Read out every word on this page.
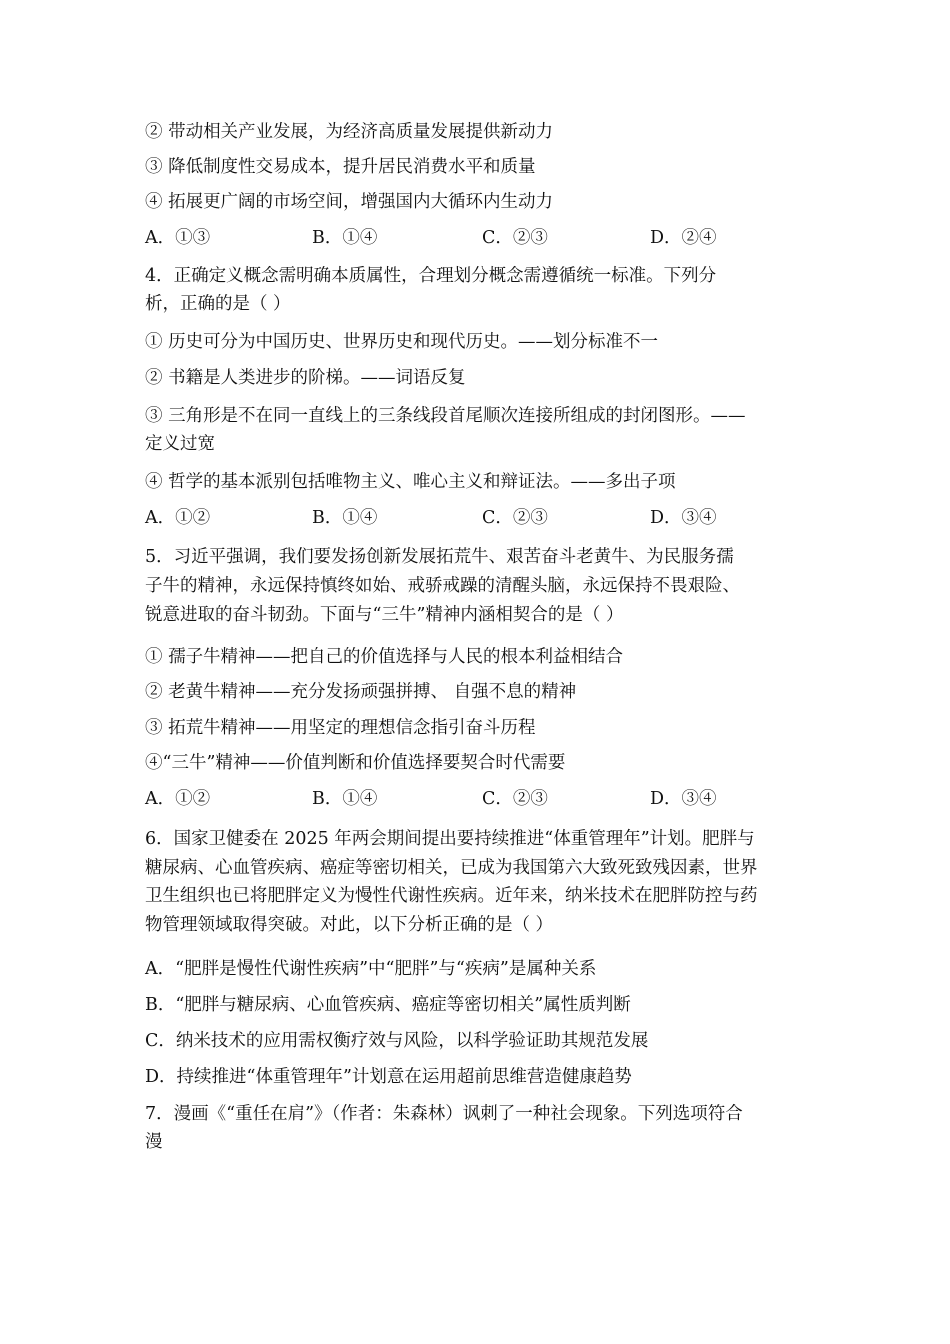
② 带动相关产业发展，为经济高质量发展提供新动力
③ 降低制度性交易成本，提升居民消费水平和质量
④ 拓展更广阔的市场空间，增强国内大循环内生动力
A．①③	B．①④	C．②③	D．②④
4．正确定义概念需明确本质属性，合理划分概念需遵循统一标准。下列分
析，正确的是（ ）
① 历史可分为中国历史、世界历史和现代历史。——划分标准不一
② 书籍是人类进步的阶梯。——词语反复
③ 三角形是不在同一直线上的三条线段首尾顺次连接所组成的封闭图形。——
定义过宽
④ 哲学的基本派别包括唯物主义、唯心主义和辩证法。——多出子项
A．①②	B．①④	C．②③	D．③④
5．习近平强调，我们要发扬创新发展拓荒牛、艰苦奋斗老黄牛、为民服务孺
子牛的精神，永远保持慎终如始、戒骄戒躁的清醒头脑，永远保持不畏艰险、
锐意进取的奋斗韧劲。下面与“三牛”精神内涵相契合的是（ ）
① 孺子牛精神——把自己的价值选择与人民的根本利益相结合
② 老黄牛精神——充分发扬顽强拼搏、 自强不息的精神
③ 拓荒牛精神——用坚定的理想信念指引奋斗历程
④“三牛”精神——价值判断和价值选择要契合时代需要
A．①②	B．①④	C．②③	D．③④
6．国家卫健委在 2025 年两会期间提出要持续推进“体重管理年”计划。肥胖与
糖尿病、心血管疾病、癌症等密切相关，已成为我国第六大致死致残因素，世界
卫生组织也已将肥胖定义为慢性代谢性疾病。近年来，纳米技术在肥胖防控与药
物管理领域取得突破。对此，以下分析正确的是（ ）
A．“肥胖是慢性代谢性疾病”中“肥胖”与“疾病”是属种关系
B．“肥胖与糖尿病、心血管疾病、癌症等密切相关”属性质判断
C．纳米技术的应用需权衡疗效与风险，以科学验证助其规范发展
D．持续推进“体重管理年”计划意在运用超前思维营造健康趋势
7．漫画《“重任在肩”》（作者：朱森林）讽刺了一种社会现象。下列选项符合
漫
